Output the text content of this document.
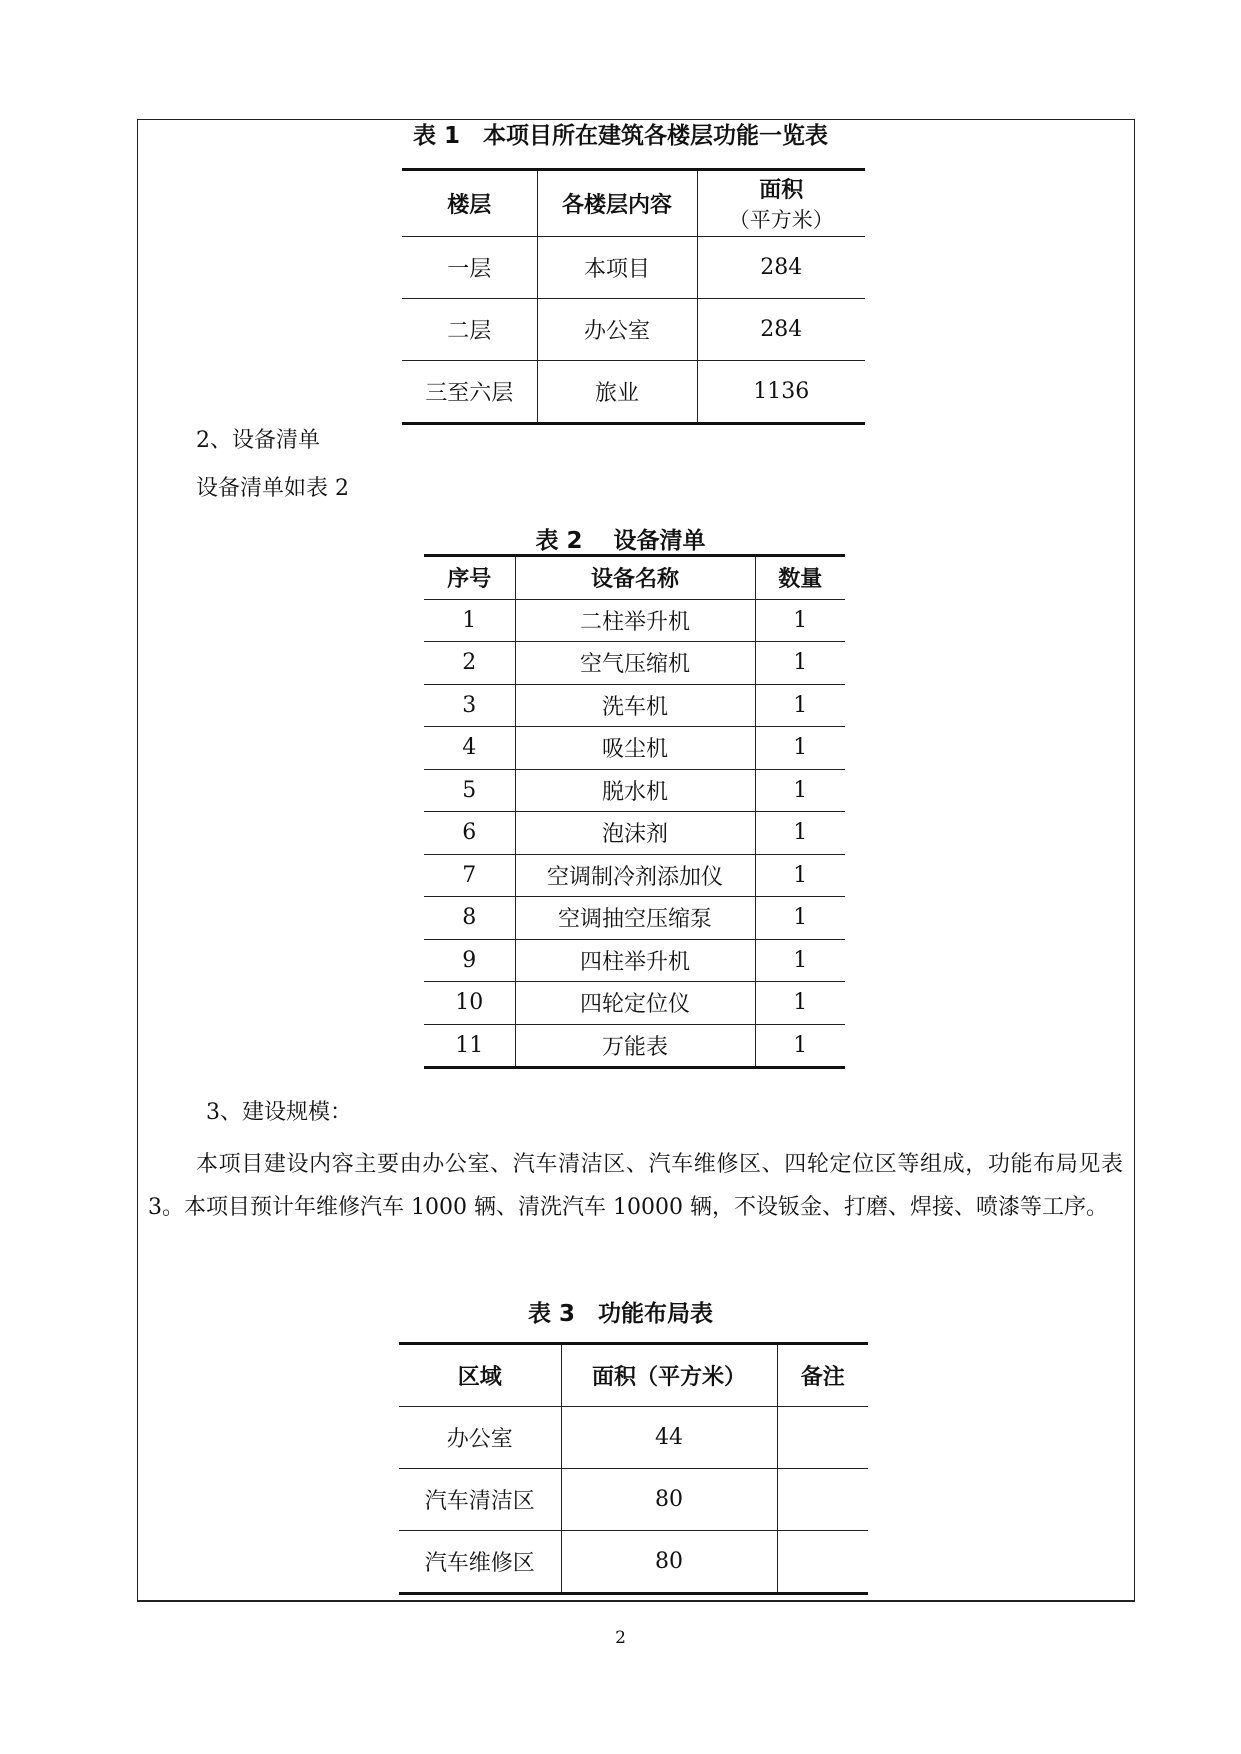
表 1　本项目所在建筑各楼层功能一览表
楼层	各楼层内容	面积
（平方米）

一层	本项目	284
二层	办公室	284
三至六层	旅业	1136
2、设备清单
设备清单如表 2
表 2　 设备清单
序号	设备名称	数量
1	二柱举升机	1
2	空气压缩机	1
3	洗车机	1
4	吸尘机	1
5	脱水机	1
6	泡沫剂	1
7	空调制冷剂添加仪	1
8	空调抽空压缩泵	1
9	四柱举升机	1
10	四轮定位仪	1
11	万能表	1
3、建设规模：
本项目建设内容主要由办公室、汽车清洁区、汽车维修区、四轮定位区等组成，功能布局见表 3。本项目预计年维修汽车 1000 辆、清洗汽车 10000 辆，不设钣金、打磨、焊接、喷漆等工序。
表 3　功能布局表
区域	面积（平方米）	备注
办公室	44	
汽车清洁区	80	
汽车维修区	80	
2
